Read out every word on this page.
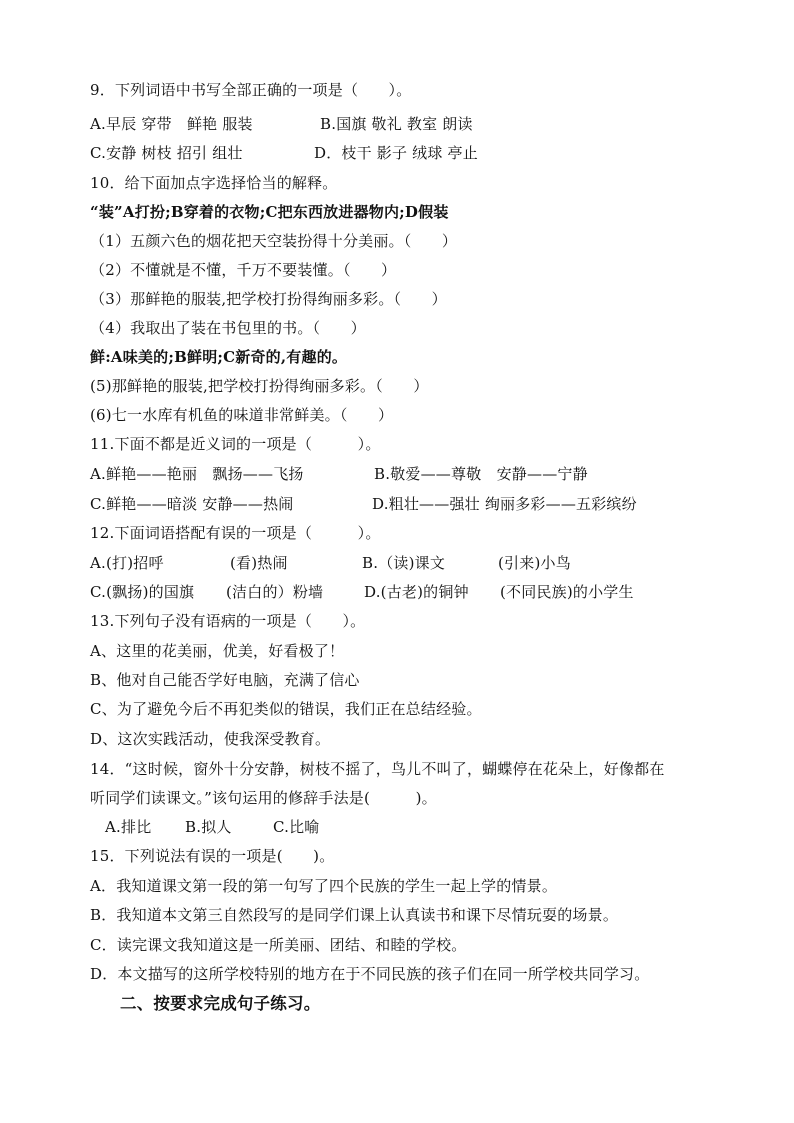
9．下列词语中书写全部正确的一项是（　　）。
A.早辰 穿带　鲜艳 服装	B.国旗 敬礼 教室 朗读
C.安静 树枝 招引 组壮	D．枝干 影子 绒球 亭止
10．给下面加点字选择恰当的解释。
“装”A打扮;B穿着的衣物;C把东西放进器物内;D假装
（1）五颜六色的烟花把天空装扮得十分美丽。（　　）
（2）不懂就是不懂，千万不要装懂。（　　）
（3）那鲜艳的服装,把学校打扮得绚丽多彩。（　　）
（4）我取出了装在书包里的书。（　　）
鲜:A味美的;B鲜明;C新奇的,有趣的。
(5)那鲜艳的服装,把学校打扮得绚丽多彩。（　　）
(6)七一水库有机鱼的味道非常鲜美。（　　）
11.下面不都是近义词的一项是（　　　）。
A.鲜艳——艳丽　飘扬——飞扬	B.敬爱——尊敬　安静——宁静
C.鲜艳——暗淡 安静——热闹	D.粗壮——强壮 绚丽多彩——五彩缤纷
12.下面词语搭配有误的一项是（　　　）。
A.(打)招呼	(看)热闹	B.（读)课文	(引来)小鸟
C.(飘扬)的国旗 (洁白的）粉墙	D.(古老)的铜钟 (不同民族)的小学生
13.下列句子没有语病的一项是（　　）。
A、这里的花美丽，优美，好看极了！
B、他对自己能否学好电脑，充满了信心
C、为了避免今后不再犯类似的错误，我们正在总结经验。
D、这次实践活动，使我深受教育。
14．“这时候，窗外十分安静，树枝不摇了，鸟儿不叫了，蝴蝶停在花朵上，好像都在
听同学们读课文。”该句运用的修辞手法是(　　　)。
A.排比 B.拟人	C.比喻
15．下列说法有误的一项是(　　)。
A．我知道课文第一段的第一句写了四个民族的学生一起上学的情景。
B．我知道本文第三自然段写的是同学们课上认真读书和课下尽情玩耍的场景。
C．读完课文我知道这是一所美丽、团结、和睦的学校。
D．本文描写的这所学校特别的地方在于不同民族的孩子们在同一所学校共同学习。
二、按要求完成句子练习。
